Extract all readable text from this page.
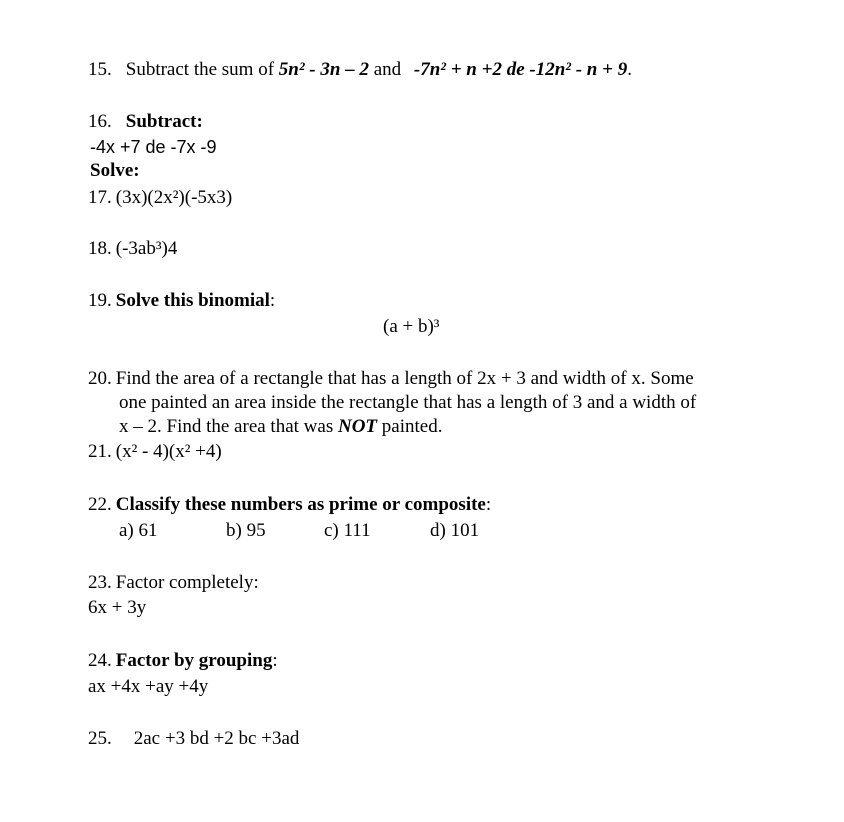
15. Subtract the sum of 5n² - 3n – 2 and -7n² + n +2 de -12n² - n + 9.
16. Subtract:
-4x +7 de -7x -9
Solve:
17. (3x)(2x²)(-5x3)
18. (-3ab³)4
19. Solve this binomial:
(a + b)³
20. Find the area of a rectangle that has a length of 2x + 3 and width of x. Some
one painted an area inside the rectangle that has a length of 3 and a width of
x – 2. Find the area that was NOT painted.
21. (x² - 4)(x² +4)
22. Classify these numbers as prime or composite:
a) 61	b) 95	c) 111	d) 101
23. Factor completely:
6x + 3y
24. Factor by grouping:
ax +4x +ay +4y
25. 2ac +3 bd +2 bc +3ad
